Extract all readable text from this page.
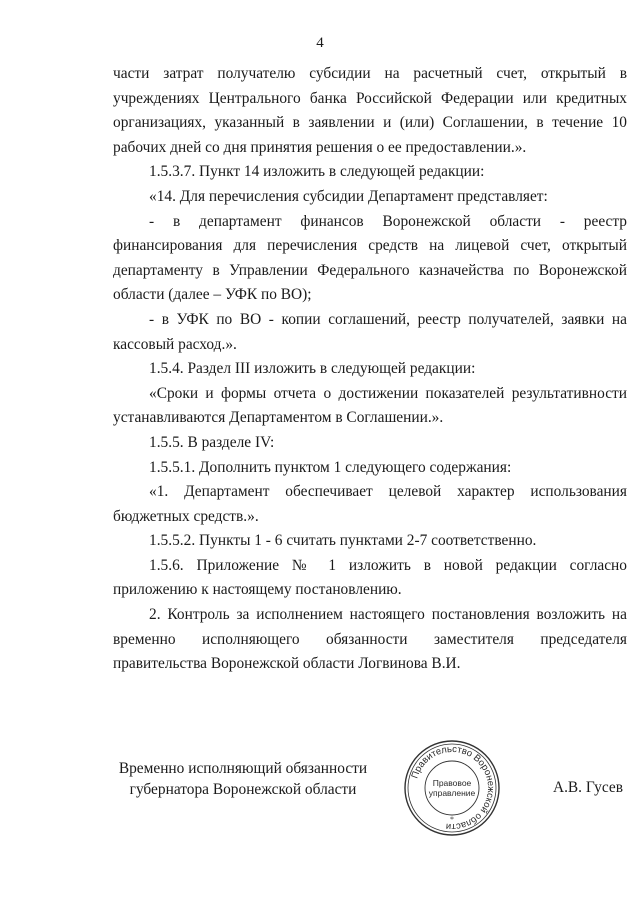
4

части затрат получателю субсидии на расчетный счет, открытый в учреждениях Центрального банка Российской Федерации или кредитных организациях, указанный в заявлении и (или) Соглашении, в течение 10 рабочих дней со дня принятия решения о ее предоставлении.».

1.5.3.7. Пункт 14 изложить в следующей редакции:

«14. Для перечисления субсидии Департамент представляет:

- в департамент финансов Воронежской области - реестр финансирования для перечисления средств на лицевой счет, открытый департаменту в Управлении Федерального казначейства по Воронежской области (далее – УФК по ВО);

- в УФК по ВО - копии соглашений, реестр получателей, заявки на кассовый расход.».

1.5.4. Раздел III изложить в следующей редакции:

«Сроки и формы отчета о достижении показателей результативности устанавливаются Департаментом в Соглашении.».

1.5.5. В разделе IV:

1.5.5.1. Дополнить пунктом 1 следующего содержания:

«1. Департамент обеспечивает целевой характер использования бюджетных средств.».

1.5.5.2. Пункты 1 - 6 считать пунктами 2-7 соответственно.

1.5.6. Приложение № 1 изложить в новой редакции согласно приложению к настоящему постановлению.

2. Контроль за исполнением настоящего постановления возложить на временно исполняющего обязанности заместителя председателя правительства Воронежской области Логвинова В.И.

Временно исполняющий обязанности
губернатора Воронежской области
Правительство Воронежской области
*
Правовое
управление	А.В. Гусев
